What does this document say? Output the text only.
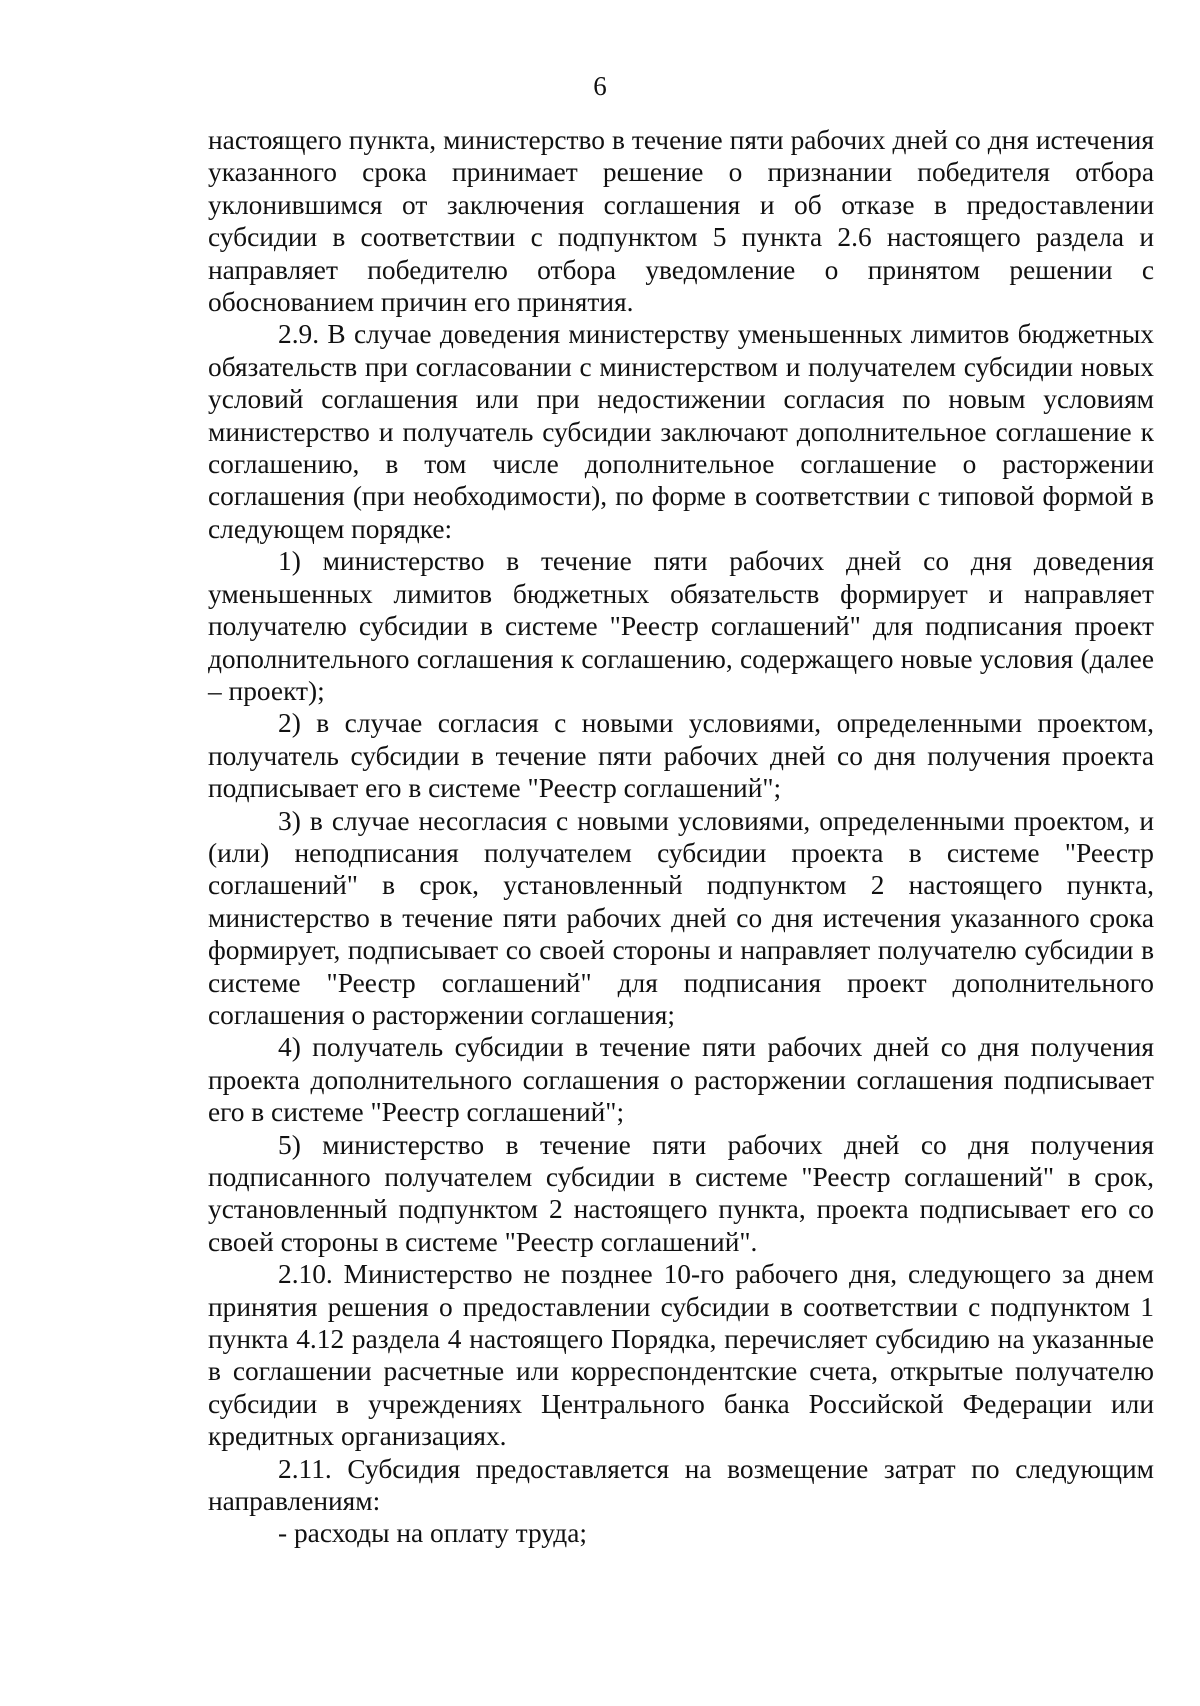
6

настоящего пункта, министерство в течение пяти рабочих дней со дня истечения указанного срока принимает решение о признании победителя отбора уклонившимся от заключения соглашения и об отказе в предоставлении субсидии в соответствии с подпунктом 5 пункта 2.6 настоящего раздела и направляет победителю отбора уведомление о принятом решении с обоснованием причин его принятия.

2.9. В случае доведения министерству уменьшенных лимитов бюджетных обязательств при согласовании с министерством и получателем субсидии новых условий соглашения или при недостижении согласия по новым условиям министерство и получатель субсидии заключают дополнительное соглашение к соглашению, в том числе дополнительное соглашение о расторжении соглашения (при необходимости), по форме в соответствии с типовой формой в следующем порядке:

1) министерство в течение пяти рабочих дней со дня доведения уменьшенных лимитов бюджетных обязательств формирует и направляет получателю субсидии в системе "Реестр соглашений" для подписания проект дополнительного соглашения к соглашению, содержащего новые условия (далее – проект);

2) в случае согласия с новыми условиями, определенными проектом, получатель субсидии в течение пяти рабочих дней со дня получения проекта подписывает его в системе "Реестр соглашений";

3) в случае несогласия с новыми условиями, определенными проектом, и (или) неподписания получателем субсидии проекта в системе "Реестр соглашений" в срок, установленный подпунктом 2 настоящего пункта, министерство в течение пяти рабочих дней со дня истечения указанного срока формирует, подписывает со своей стороны и направляет получателю субсидии в системе "Реестр соглашений" для подписания проект дополнительного соглашения о расторжении соглашения;

4) получатель субсидии в течение пяти рабочих дней со дня получения проекта дополнительного соглашения о расторжении соглашения подписывает его в системе "Реестр соглашений";

5) министерство в течение пяти рабочих дней со дня получения подписанного получателем субсидии в системе "Реестр соглашений" в срок, установленный подпунктом 2 настоящего пункта, проекта подписывает его со своей стороны в системе "Реестр соглашений".

2.10. Министерство не позднее 10-го рабочего дня, следующего за днем принятия решения о предоставлении субсидии в соответствии с подпунктом 1 пункта 4.12 раздела 4 настоящего Порядка, перечисляет субсидию на указанные в соглашении расчетные или корреспондентские счета, открытые получателю субсидии в учреждениях Центрального банка Российской Федерации или кредитных организациях.

2.11. Субсидия предоставляется на возмещение затрат по следующим направлениям:

- расходы на оплату труда;
